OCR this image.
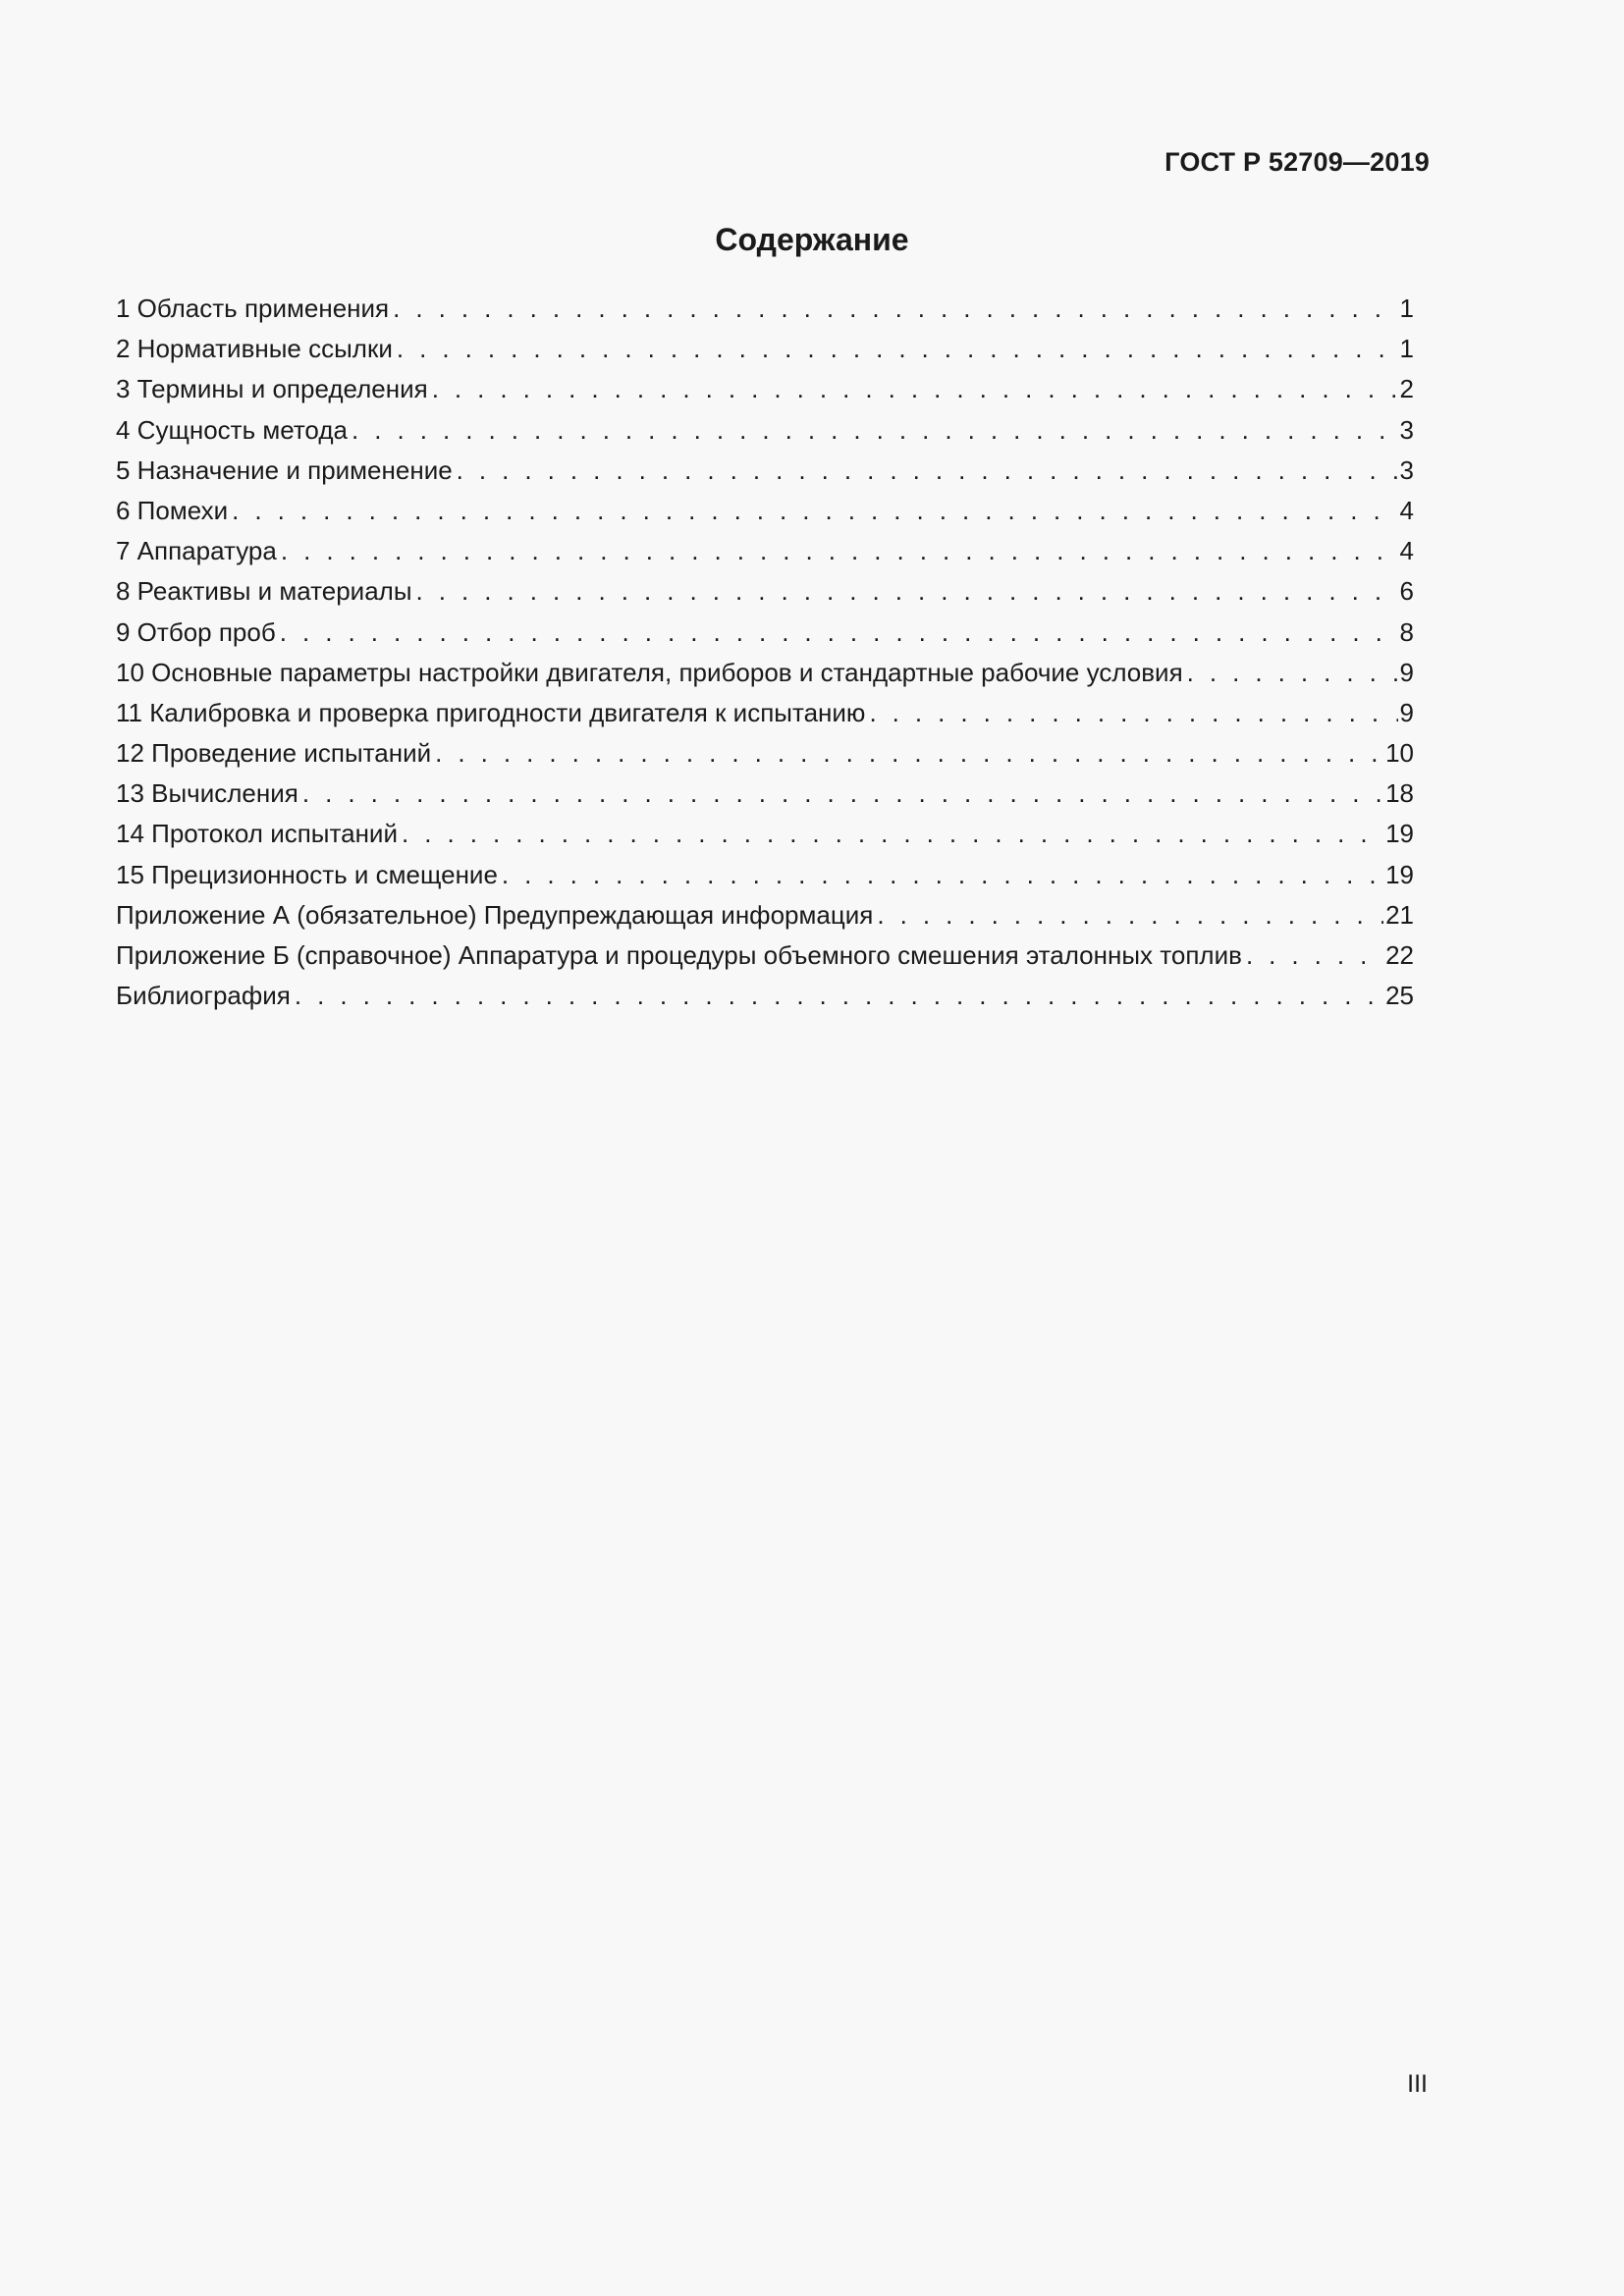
ГОСТ Р 52709—2019
Содержание
1 Область применения . . .	1
2 Нормативные ссылки . . .	1
3 Термины и определения . . .	2
4 Сущность метода . . .	3
5 Назначение и применение . . .	3
6 Помехи . . .	4
7 Аппаратура . . .	4
8 Реактивы и материалы . . .	6
9 Отбор проб . . .	8
10 Основные параметры настройки двигателя, приборов и стандартные рабочие условия . . .	9
11 Калибровка и проверка пригодности двигателя к испытанию . . .	9
12 Проведение испытаний . . .	10
13 Вычисления . . .	18
14 Протокол испытаний . . .	19
15 Прецизионность и смещение . . .	19
Приложение А (обязательное) Предупреждающая информация . . .	21
Приложение Б (справочное) Аппаратура и процедуры объемного смешения эталонных топлив . . .	22
Библиография . . .	25
III
